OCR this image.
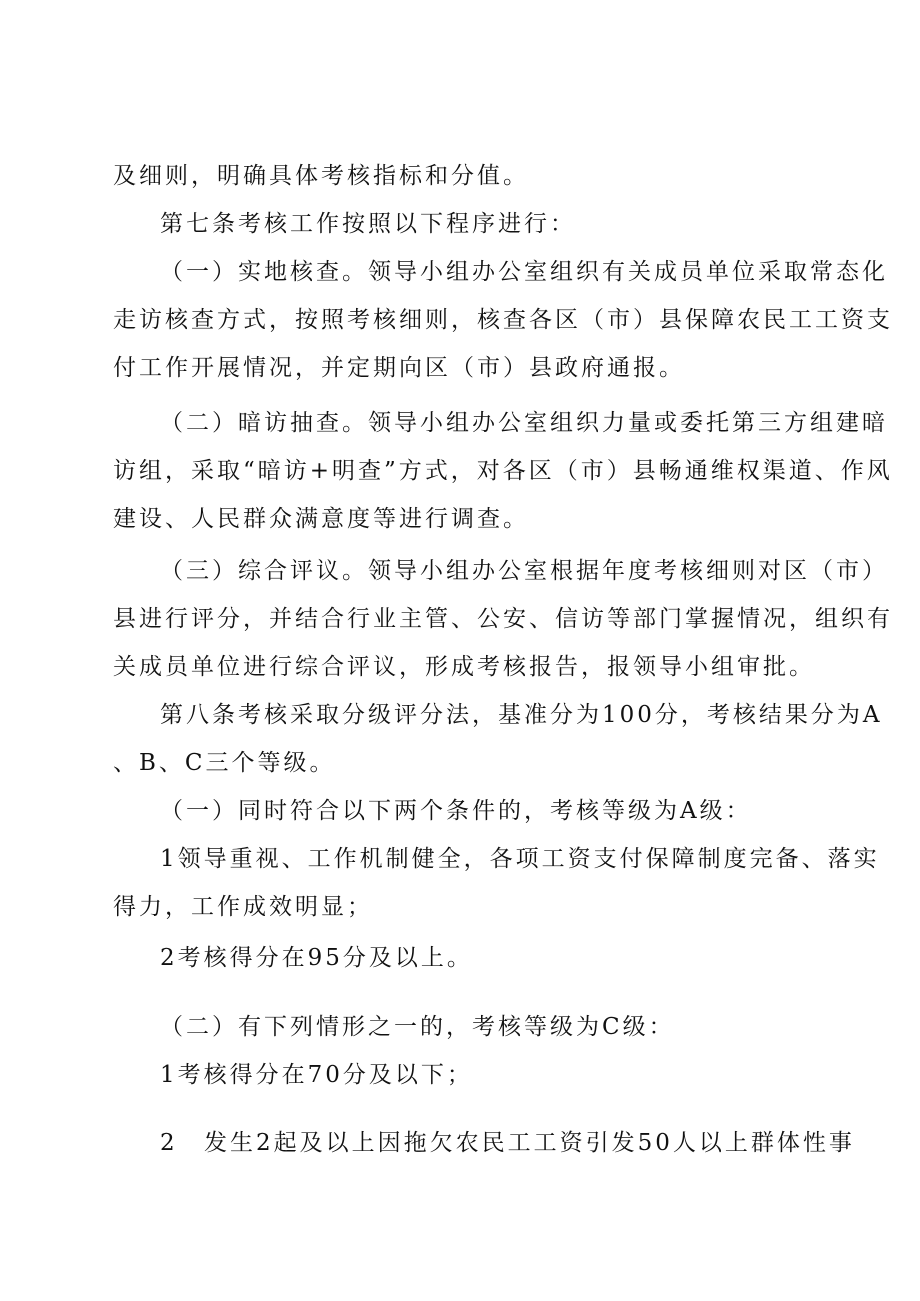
及细则，明确具体考核指标和分值。
第七条考核工作按照以下程序进行：
（一）实地核查。领导小组办公室组织有关成员单位采取常态化
走访核查方式，按照考核细则，核查各区（市）县保障农民工工资支
付工作开展情况，并定期向区（市）县政府通报。
（二）暗访抽查。领导小组办公室组织力量或委托第三方组建暗
访组，采取“暗访+明查”方式，对各区（市）县畅通维权渠道、作风
建设、人民群众满意度等进行调查。
（三）综合评议。领导小组办公室根据年度考核细则对区（市）
县进行评分，并结合行业主管、公安、信访等部门掌握情况，组织有
关成员单位进行综合评议，形成考核报告，报领导小组审批。
第八条考核采取分级评分法，基准分为100分，考核结果分为A
、B、C三个等级。
（一）同时符合以下两个条件的，考核等级为A级：
1领导重视、工作机制健全，各项工资支付保障制度完备、落实
得力，工作成效明显；
2考核得分在95分及以上。
（二）有下列情形之一的，考核等级为C级：
1考核得分在70分及以下；
2 发生2起及以上因拖欠农民工工资引发50人以上群体性事
